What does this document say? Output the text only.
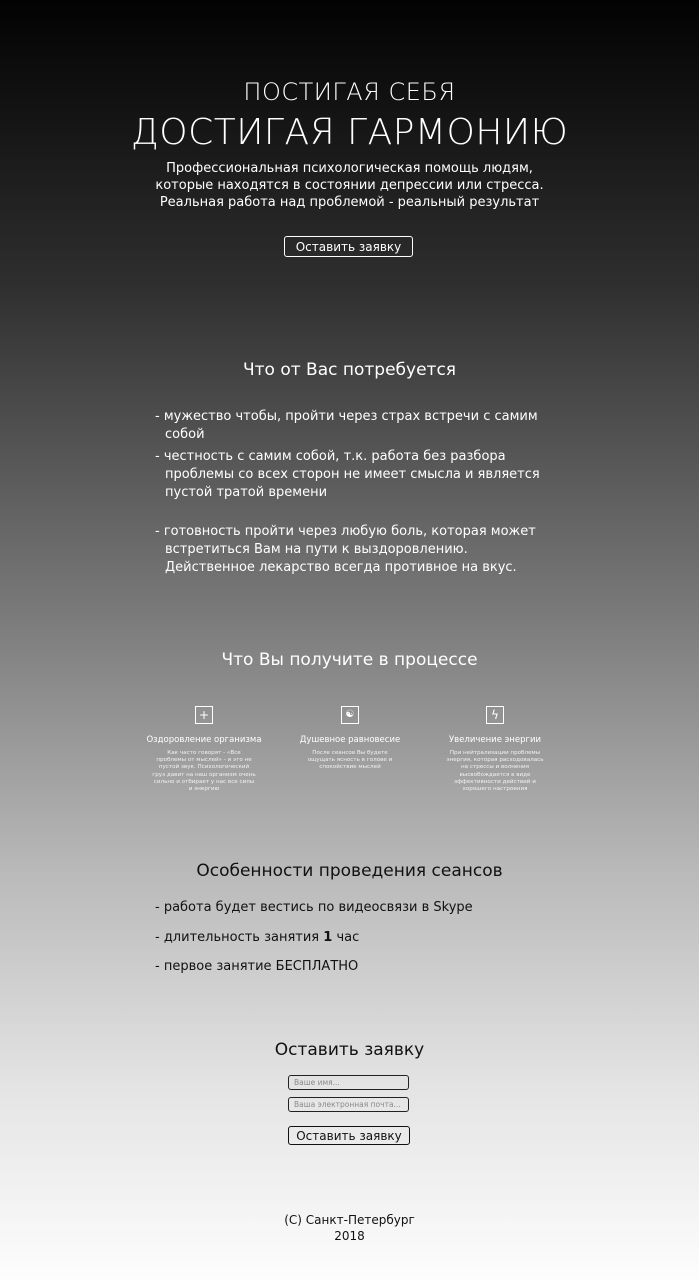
ПОСТИГАЯ СЕБЯ
ДОСТИГАЯ ГАРМОНИЮ
Профессиональная психологическая помощь людям,
которые находятся в состоянии депрессии или стресса.
Реальная работа над проблемой - реальный результат
Оставить заявку
Что от Вас потребуется
- мужество чтобы, пройти через страх встречи с самим собой
- честность с самим собой, т.к. работа без разбора проблемы со всех сторон не имеет смысла и является пустой тратой времени
- готовность пройти через любую боль, которая может встретиться Вам на пути к выздоровлению. Действенное лекарство всегда противное на вкус.
Что Вы получите в процессе
+
Оздоровление организма
Как часто говорят - «Все проблемы от мыслей» - и это не пустой звук. Психологический груз давит на наш организм очень сильно и отбирает у нас все силы и энергию
☯
Душевное равновесие
После сеансов Вы будете ощущать ясность в голове и спокойствие мыслей
ϟ
Увеличение энергии
При нейтрализации проблемы энергия, которая расходовалась на стрессы и волнения высвобождается в виде эффективности действий и хорошего настроения
Особенности проведения сеансов
- работа будет вестись по видеосвязи в Skype
- длительность занятия 1 час
- первое занятие БЕСПЛАТНО
Оставить заявку
Ваше имя...
Ваша электронная почта...
Оставить заявку
(С) Санкт-Петербург
2018
